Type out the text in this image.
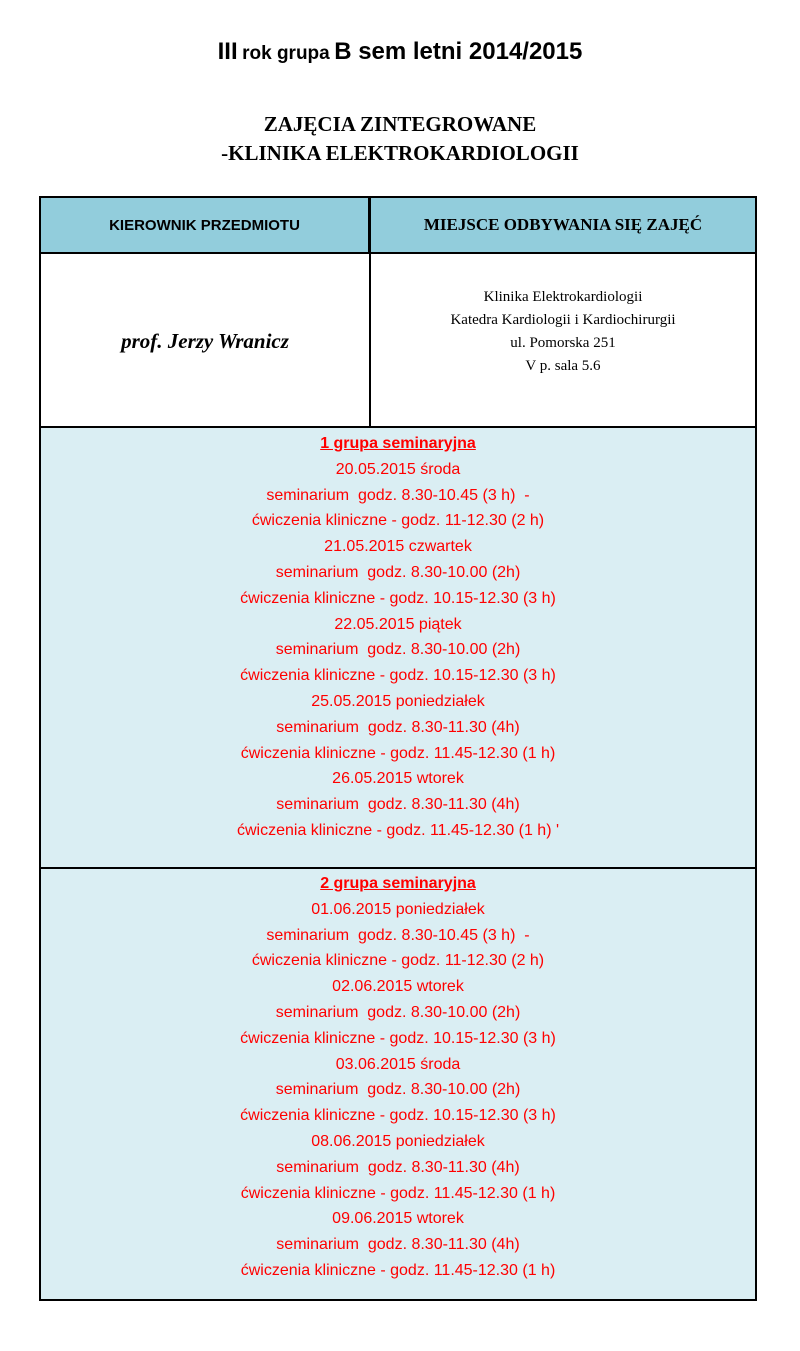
III rok grupa B sem letni 2014/2015
ZAJĘCIA ZINTEGROWANE
-KLINIKA ELEKTROKARDIOLOGII
KIEROWNIK PRZEDMIOTU	MIEJSCE ODBYWANIA SIĘ ZAJĘĆ
prof. Jerzy Wranicz
Klinika Elektrokardiologii
Katedra Kardiologii i Kardiochirurgii
ul. Pomorska 251
V p. sala 5.6
1 grupa seminaryjna
20.05.2015 środa
seminarium  godz. 8.30-10.45 (3 h)  -
ćwiczenia kliniczne - godz. 11-12.30 (2 h)
21.05.2015 czwartek
seminarium  godz. 8.30-10.00 (2h)
ćwiczenia kliniczne - godz. 10.15-12.30 (3 h)
22.05.2015 piątek
seminarium  godz. 8.30-10.00 (2h)
ćwiczenia kliniczne - godz. 10.15-12.30 (3 h)
25.05.2015 poniedziałek
seminarium  godz. 8.30-11.30 (4h)
ćwiczenia kliniczne - godz. 11.45-12.30 (1 h)
26.05.2015 wtorek
seminarium  godz. 8.30-11.30 (4h)
ćwiczenia kliniczne - godz. 11.45-12.30 (1 h) '
2 grupa seminaryjna
01.06.2015 poniedziałek
seminarium  godz. 8.30-10.45 (3 h)  -
ćwiczenia kliniczne - godz. 11-12.30 (2 h)
02.06.2015 wtorek
seminarium  godz. 8.30-10.00 (2h)
ćwiczenia kliniczne - godz. 10.15-12.30 (3 h)
03.06.2015 środa
seminarium  godz. 8.30-10.00 (2h)
ćwiczenia kliniczne - godz. 10.15-12.30 (3 h)
08.06.2015 poniedziałek
seminarium  godz. 8.30-11.30 (4h)
ćwiczenia kliniczne - godz. 11.45-12.30 (1 h)
09.06.2015 wtorek
seminarium  godz. 8.30-11.30 (4h)
ćwiczenia kliniczne - godz. 11.45-12.30 (1 h)
